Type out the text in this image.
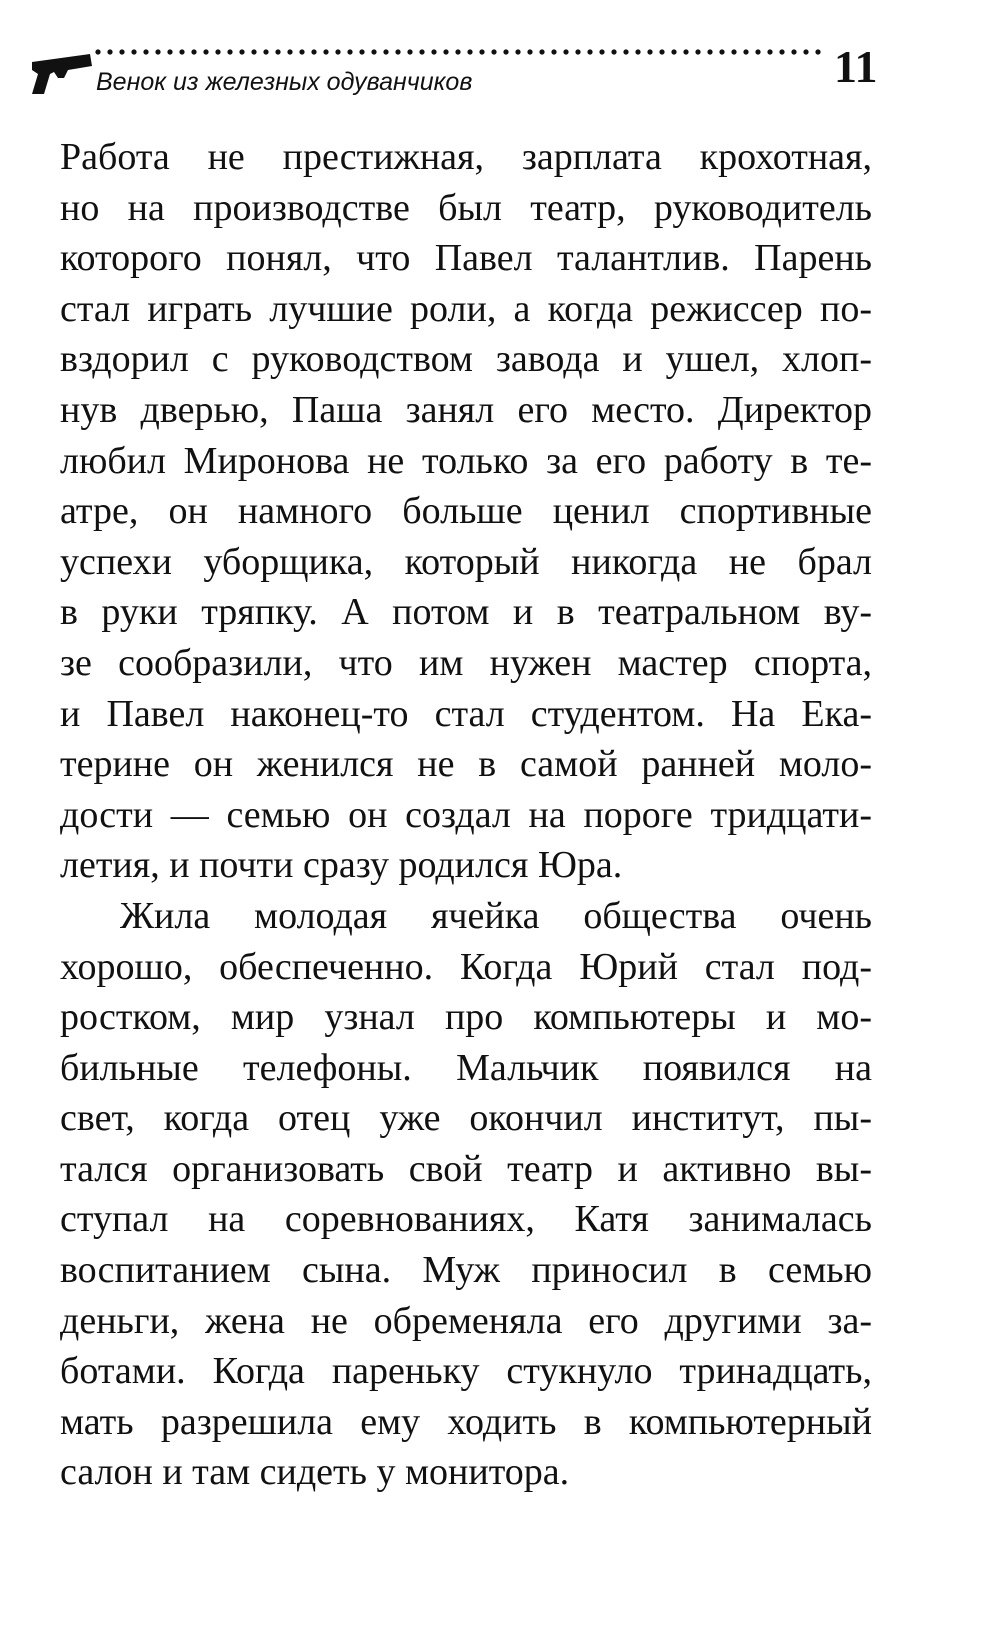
Венок из железных одуванчиков	11
Работа не престижная, зарплата крохотная,
но на производстве был театр, руководитель
которого понял, что Павел талантлив. Парень
стал играть лучшие роли, а когда режиссер по-
вздорил с руководством завода и ушел, хлоп-
нув дверью, Паша занял его место. Директор
любил Миронова не только за его работу в те-
атре, он намного больше ценил спортивные
успехи уборщика, который никогда не брал
в руки тряпку. А потом и в театральном ву-
зе сообразили, что им нужен мастер спорта,
и Павел наконец-то стал студентом. На Ека-
терине он женился не в самой ранней моло-
дости — семью он создал на пороге тридцати-
летия, и почти сразу родился Юра.
Жила молодая ячейка общества очень
хорошо, обеспеченно. Когда Юрий стал под-
ростком, мир узнал про компьютеры и мо-
бильные телефоны. Мальчик появился на
свет, когда отец уже окончил институт, пы-
тался организовать свой театр и активно вы-
ступал на соревнованиях, Катя занималась
воспитанием сына. Муж приносил в семью
деньги, жена не обременяла его другими за-
ботами. Когда пареньку стукнуло тринадцать,
мать разрешила ему ходить в компьютерный
салон и там сидеть у монитора.
